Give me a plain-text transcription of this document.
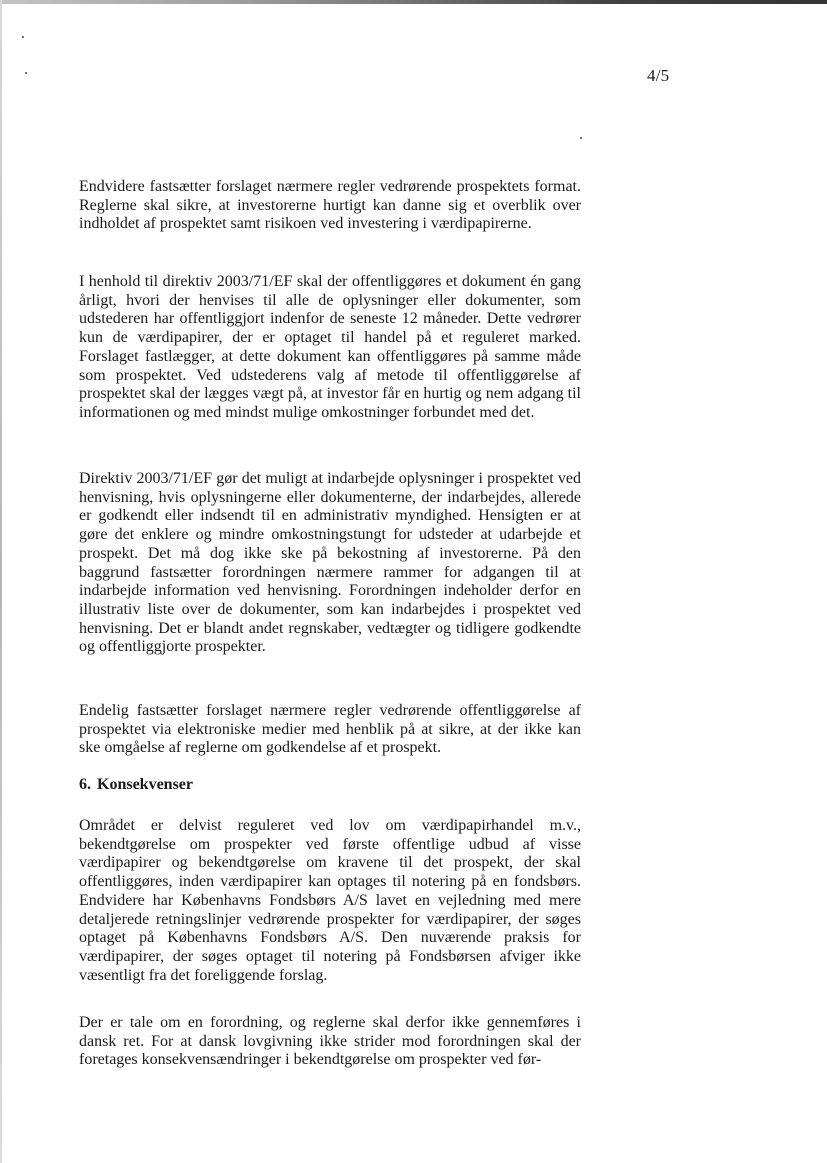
4/5

Endvidere fastsætter forslaget nærmere regler vedrørende prospektets format. Reglerne skal sikre, at investorerne hurtigt kan danne sig et overblik over indholdet af prospektet samt risikoen ved investering i værdipapirerne.

I henhold til direktiv 2003/71/EF skal der offentliggøres et dokument én gang årligt, hvori der henvises til alle de oplysninger eller dokumenter, som udstederen har offentliggjort indenfor de seneste 12 måneder. Dette vedrører kun de værdipapirer, der er optaget til handel på et reguleret marked. Forslaget fastlægger, at dette dokument kan offentliggøres på samme måde som prospektet. Ved udstederens valg af metode til offentliggørelse af prospektet skal der lægges vægt på, at investor får en hurtig og nem adgang til informationen og med mindst mulige omkostninger forbundet med det.

Direktiv 2003/71/EF gør det muligt at indarbejde oplysninger i prospektet ved henvisning, hvis oplysningerne eller dokumenterne, der indarbejdes, allerede er godkendt eller indsendt til en administrativ myndighed. Hensigten er at gøre det enklere og mindre omkostningstungt for udsteder at udarbejde et prospekt. Det må dog ikke ske på bekostning af investorerne. På den baggrund fastsætter forordningen nærmere rammer for adgangen til at indarbejde information ved henvisning. Forordningen indeholder derfor en illustrativ liste over de dokumenter, som kan indarbejdes i prospektet ved henvisning. Det er blandt andet regnskaber, vedtægter og tidligere godkendte og offentliggjorte prospekter.

Endelig fastsætter forslaget nærmere regler vedrørende offentliggørelse af prospektet via elektroniske medier med henblik på at sikre, at der ikke kan ske omgåelse af reglerne om godkendelse af et prospekt.

6. Konsekvenser

Området er delvist reguleret ved lov om værdipapirhandel m.v., bekendtgørelse om prospekter ved første offentlige udbud af visse værdipapirer og bekendtgørelse om kravene til det prospekt, der skal offentliggøres, inden værdipapirer kan optages til notering på en fondsbørs. Endvidere har Københavns Fondsbørs A/S lavet en vejledning med mere detaljerede retningslinjer vedrørende prospekter for værdipapirer, der søges optaget på Københavns Fondsbørs A/S. Den nuværende praksis for værdipapirer, der søges optaget til notering på Fondsbørsen afviger ikke væsentligt fra det foreliggende forslag.

Der er tale om en forordning, og reglerne skal derfor ikke gennemføres i dansk ret. For at dansk lovgivning ikke strider mod forordningen skal der foretages konsekvensændringer i bekendtgørelse om prospekter ved før-
